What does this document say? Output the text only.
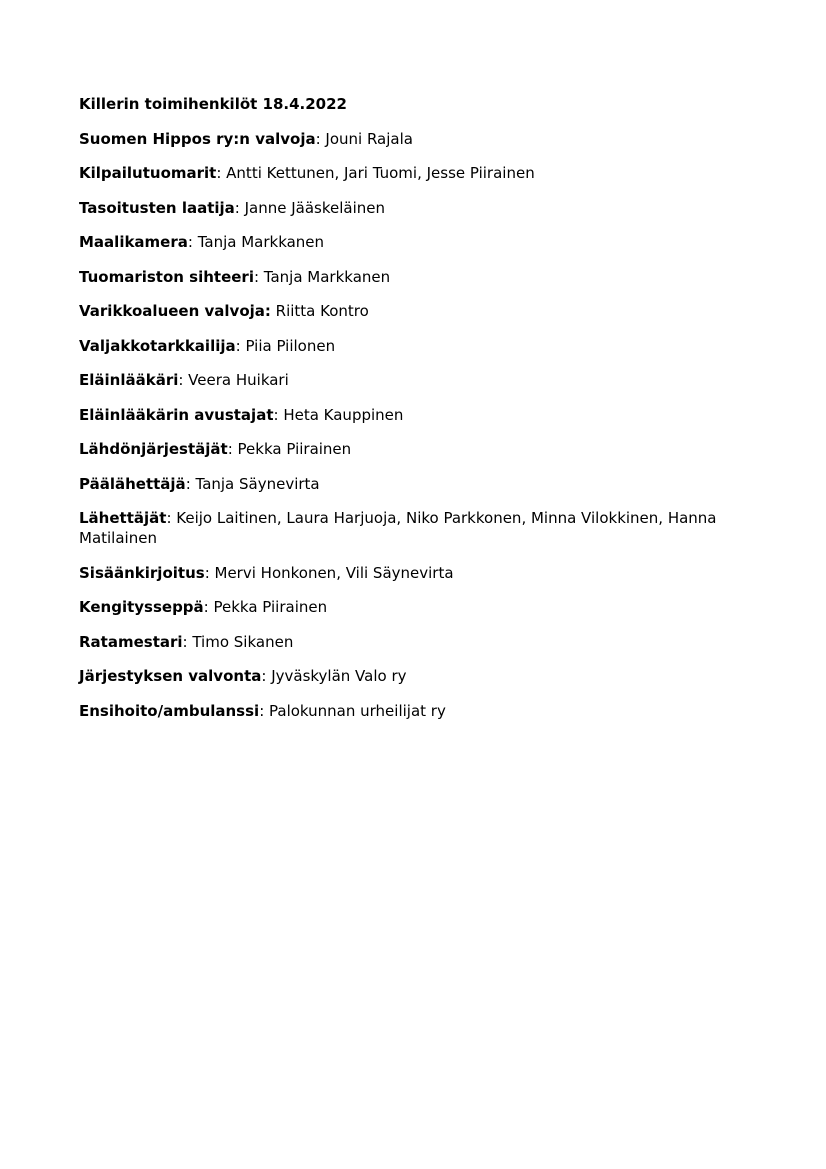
Killerin toimihenkilöt 18.4.2022

Suomen Hippos ry:n valvoja: Jouni Rajala

Kilpailutuomarit: Antti Kettunen, Jari Tuomi, Jesse Piirainen

Tasoitusten laatija: Janne Jääskeläinen

Maalikamera: Tanja Markkanen

Tuomariston sihteeri: Tanja Markkanen

Varikkoalueen valvoja: Riitta Kontro

Valjakkotarkkailija: Piia Piilonen

Eläinlääkäri: Veera Huikari

Eläinlääkärin avustajat: Heta Kauppinen

Lähdönjärjestäjät: Pekka Piirainen

Päälähettäjä: Tanja Säynevirta

Lähettäjät: Keijo Laitinen, Laura Harjuoja, Niko Parkkonen, Minna Vilokkinen, Hanna Matilainen

Sisäänkirjoitus: Mervi Honkonen, Vili Säynevirta

Kengitysseppä: Pekka Piirainen

Ratamestari: Timo Sikanen

Järjestyksen valvonta: Jyväskylän Valo ry

Ensihoito/ambulanssi: Palokunnan urheilijat ry
